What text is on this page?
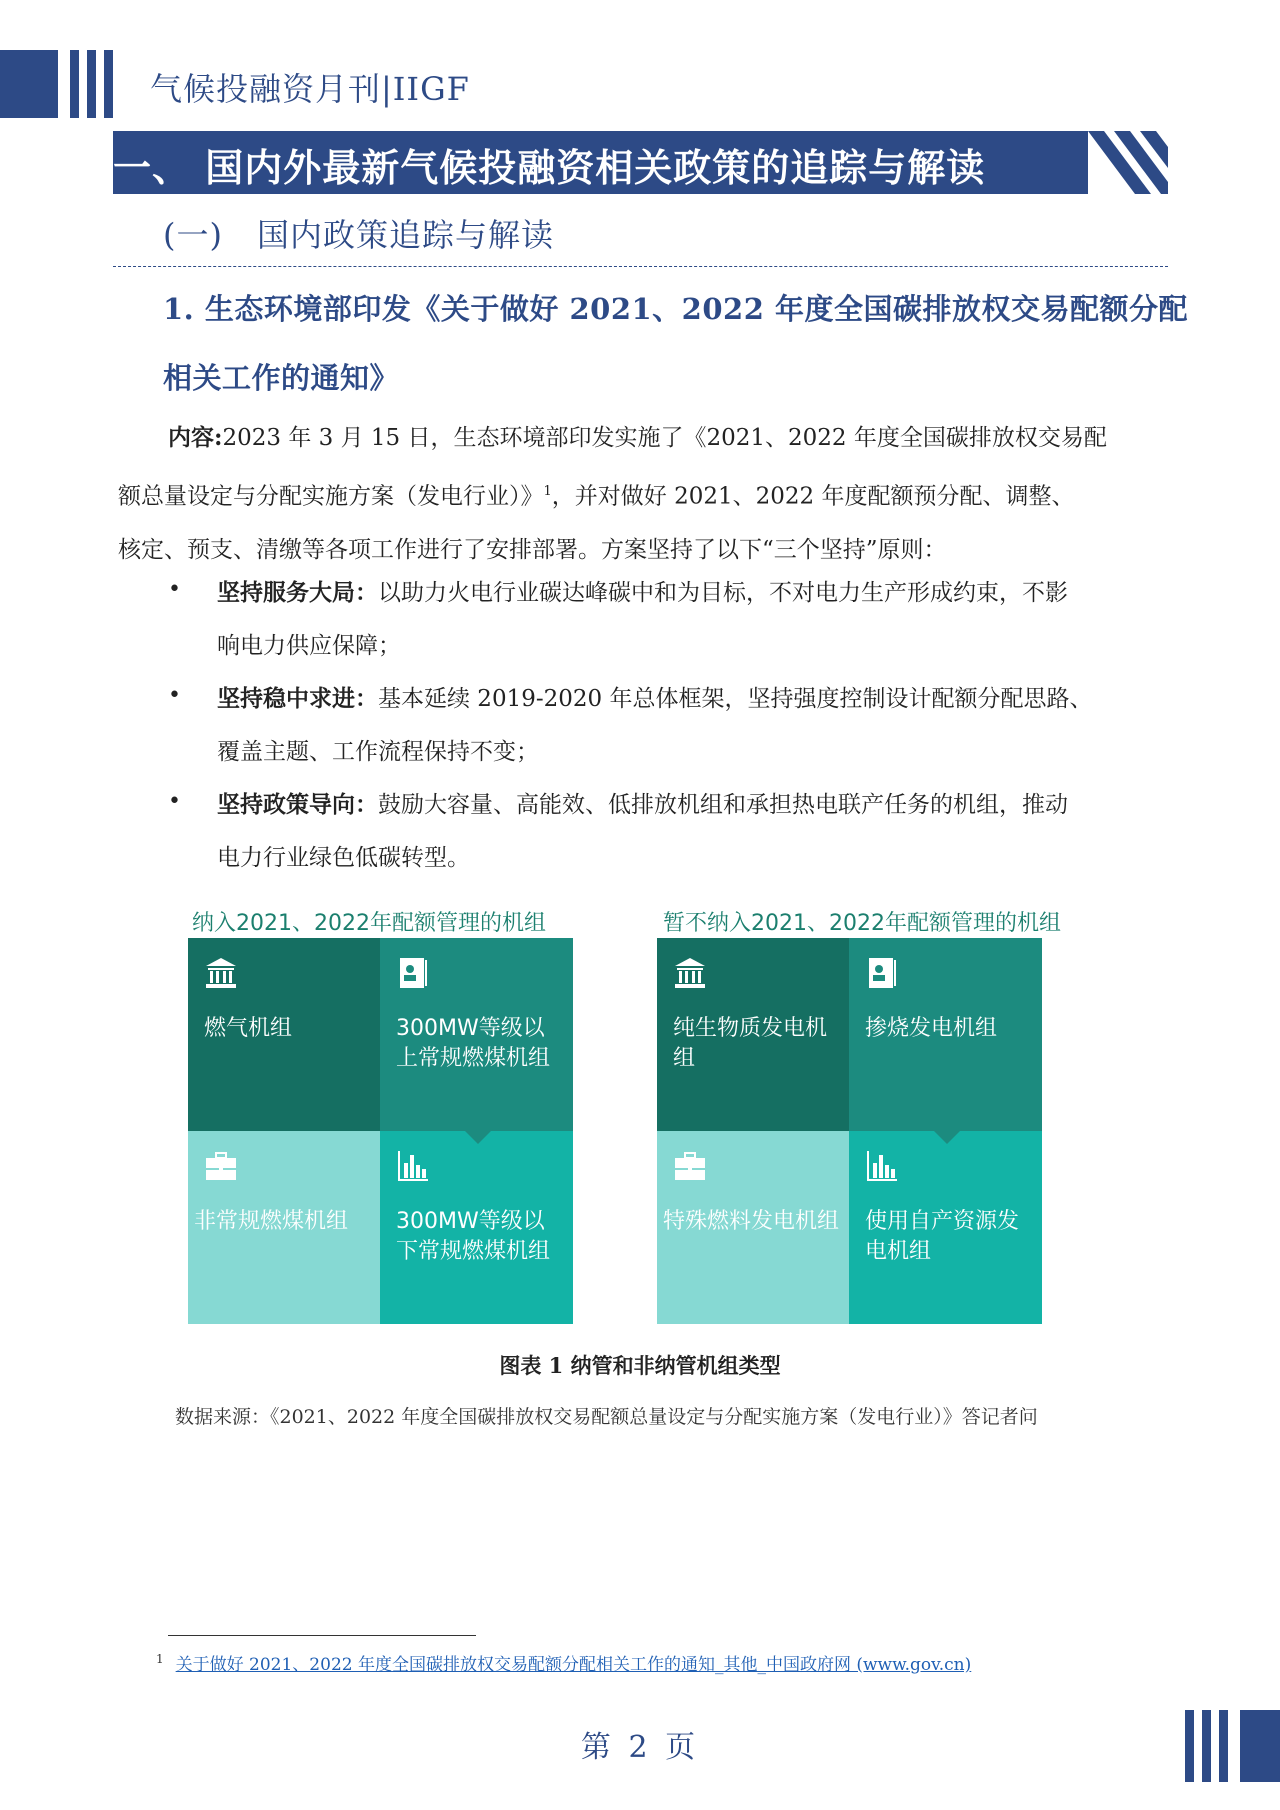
气候投融资月刊|IIGF
一、 国内外最新气候投融资相关政策的追踪与解读
(一) 国内政策追踪与解读
1. 生态环境部印发《关于做好 2021、2022 年度全国碳排放权交易配额分配
相关工作的通知》
内容:2023 年 3 月 15 日，生态环境部印发实施了《2021、2022 年度全国碳排放权交易配
额总量设定与分配实施方案（发电行业）》$^1$，并对做好 2021、2022 年度配额预分配、调整、
核定、预支、清缴等各项工作进行了安排部署。方案坚持了以下“三个坚持”原则：
• 坚持服务大局：以助力火电行业碳达峰碳中和为目标，不对电力生产形成约束，不影
响电力供应保障；
• 坚持稳中求进：基本延续 2019-2020 年总体框架，坚持强度控制设计配额分配思路、
覆盖主题、工作流程保持不变；
• 坚持政策导向：鼓励大容量、高能效、低排放机组和承担热电联产任务的机组，推动
电力行业绿色低碳转型。
纳入2021、2022年配额管理的机组
燃气机组	300MW等级以上常规燃煤机组
非常规燃煤机组	300MW等级以下常规燃煤机组
暂不纳入2021、2022年配额管理的机组
纯生物质发电机组
掺烧发电机组
特殊燃料发电机组 使用自产资源发电机组
图表 1 纳管和非纳管机组类型
数据来源：《2021、2022 年度全国碳排放权交易配额总量设定与分配实施方案（发电行业）》答记者问
$^1$ 关于做好 2021、2022 年度全国碳排放权交易配额分配相关工作的通知_其他_中国政府网 (www.gov.cn)
第 2 页
